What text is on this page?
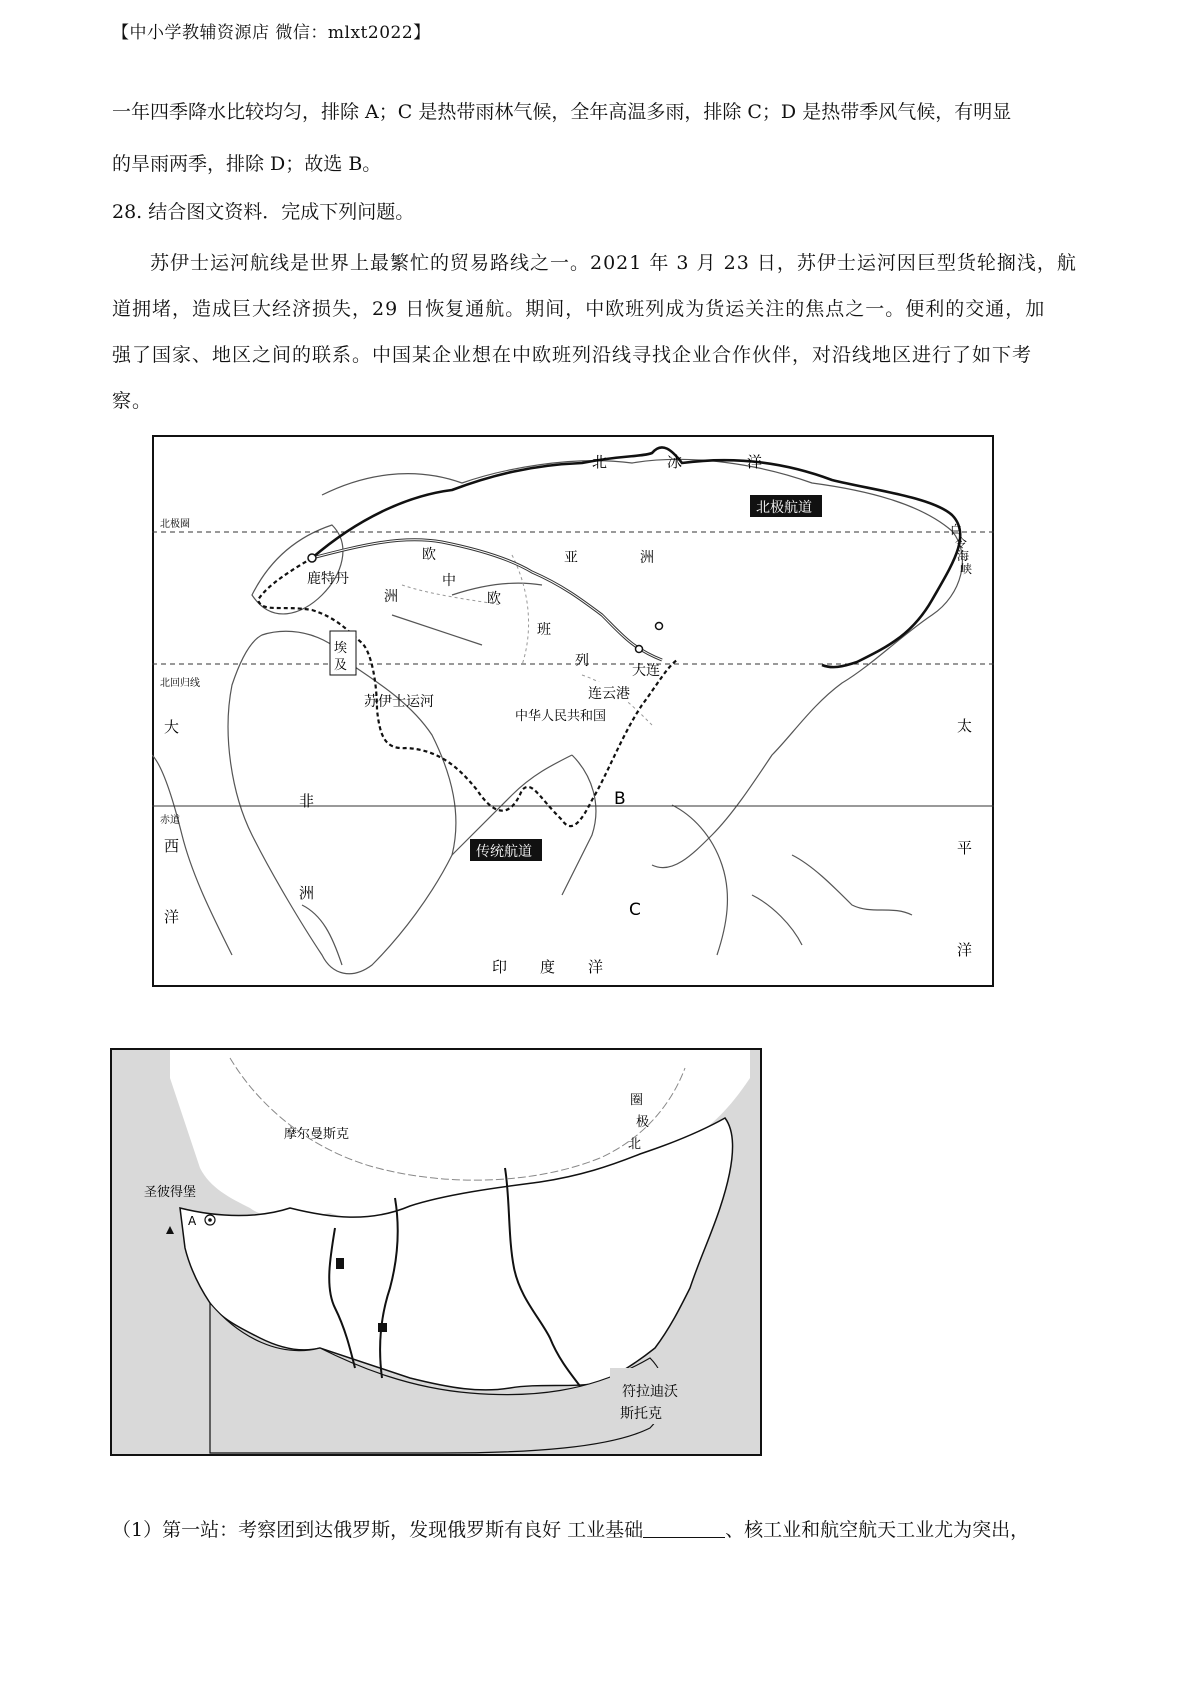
【中小学教辅资源店 微信：mlxt2022】
一年四季降水比较均匀，排除 A；C 是热带雨林气候，全年高温多雨，排除 C；D 是热带季风气候，有明显
的旱雨两季，排除 D；故选 B。
28. 结合图文资料．完成下列问题。
苏伊士运河航线是世界上最繁忙的贸易路线之一。2021 年 3 月 23 日，苏伊士运河因巨型货轮搁浅，航
道拥堵，造成巨大经济损失，29 日恢复通航。期间，中欧班列成为货运关注的焦点之一。便利的交通，加
强了国家、地区之间的联系。中国某企业想在中欧班列沿线寻找企业合作伙伴，对沿线地区进行了如下考
察。
北极圈
北回归线
赤道
北	冰	洋
北极航道
传统航道
鹿特丹
欧
洲
中
欧
班
列
亚	洲
大连
连云港
中华人民共和国
苏伊士运河
埃
及
白
令
海
峡
大
西
洋
太
平
洋
非
洲
印 度 洋
B
C
摩尔曼斯克
圣彼得堡
A
圈
极
北
符拉迪沃
斯托克
（1）第一站：考察团到达俄罗斯，发现俄罗斯有良好 工业基础	、核工业和航空航天工业尤为突出，
